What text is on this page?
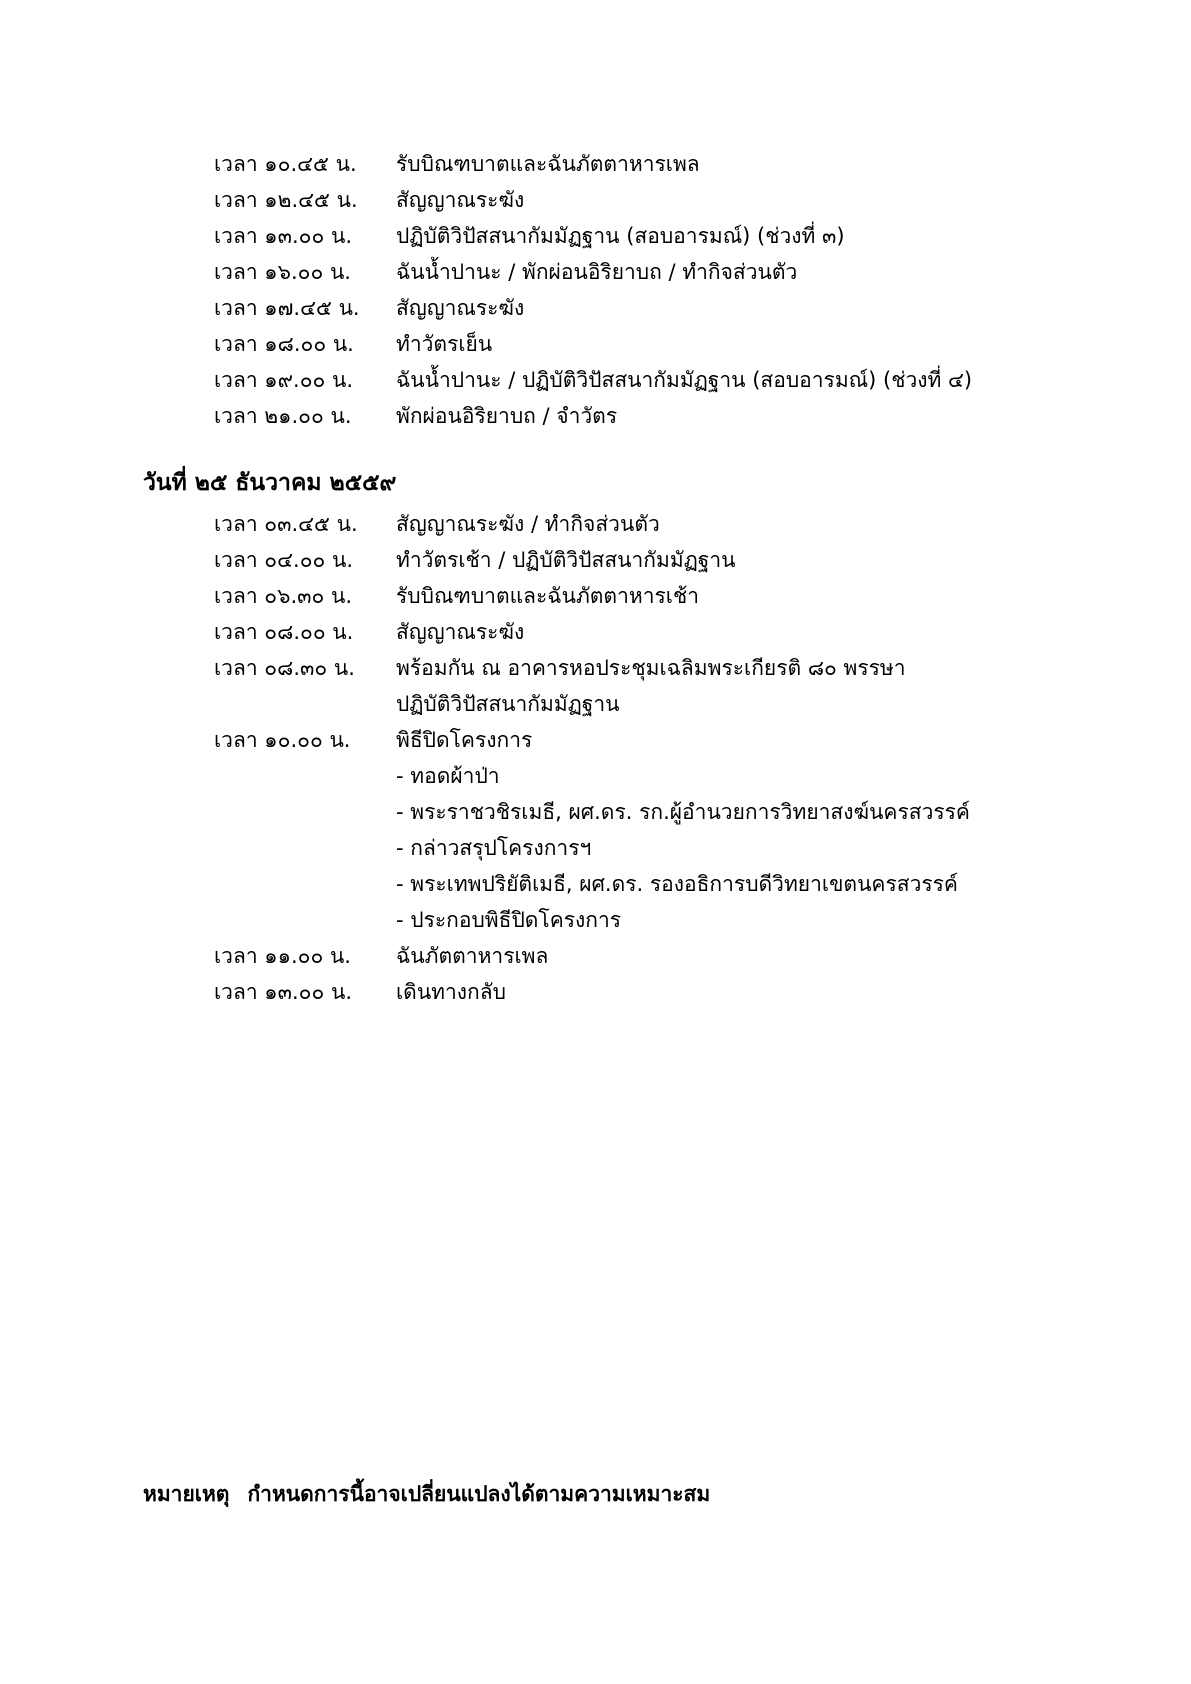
เวลา ๑๐.๔๕ น. รับบิณฑบาตและฉันภัตตาหารเพล
เวลา ๑๒.๔๕ น. สัญญาณระฆัง
เวลา ๑๓.๐๐ น. ปฏิบัติวิปัสสนากัมมัฏฐาน (สอบอารมณ์) (ช่วงที่ ๓)
เวลา ๑๖.๐๐ น. ฉันน้ำปานะ / พักผ่อนอิริยาบถ / ทำกิจส่วนตัว
เวลา ๑๗.๔๕ น. สัญญาณระฆัง
เวลา ๑๘.๐๐ น. ทำวัตรเย็น
เวลา ๑๙.๐๐ น. ฉันน้ำปานะ / ปฏิบัติวิปัสสนากัมมัฏฐาน (สอบอารมณ์) (ช่วงที่ ๔)
เวลา ๒๑.๐๐ น. พักผ่อนอิริยาบถ / จำวัตร
วันที่ ๒๕ ธันวาคม ๒๕๕๙
เวลา ๐๓.๔๕ น. สัญญาณระฆัง / ทำกิจส่วนตัว
เวลา ๐๔.๐๐ น. ทำวัตรเช้า / ปฏิบัติวิปัสสนากัมมัฏฐาน
เวลา ๐๖.๓๐ น. รับบิณฑบาตและฉันภัตตาหารเช้า
เวลา ๐๘.๐๐ น. สัญญาณระฆัง
เวลา ๐๘.๓๐ น. พร้อมกัน ณ อาคารหอประชุมเฉลิมพระเกียรติ ๘๐ พรรษา
ปฏิบัติวิปัสสนากัมมัฏฐาน
เวลา ๑๐.๐๐ น. พิธีปิดโครงการ
- ทอดผ้าป่า
- พระราชวชิรเมธี, ผศ.ดร. รก.ผู้อำนวยการวิทยาสงฆ์นครสวรรค์
- กล่าวสรุปโครงการฯ
- พระเทพปริยัติเมธี, ผศ.ดร. รองอธิการบดีวิทยาเขตนครสวรรค์
- ประกอบพิธีปิดโครงการ
เวลา ๑๑.๐๐ น. ฉันภัตตาหารเพล
เวลา ๑๓.๐๐ น. เดินทางกลับ
หมายเหตุ กำหนดการนี้อาจเปลี่ยนแปลงได้ตามความเหมาะสม
